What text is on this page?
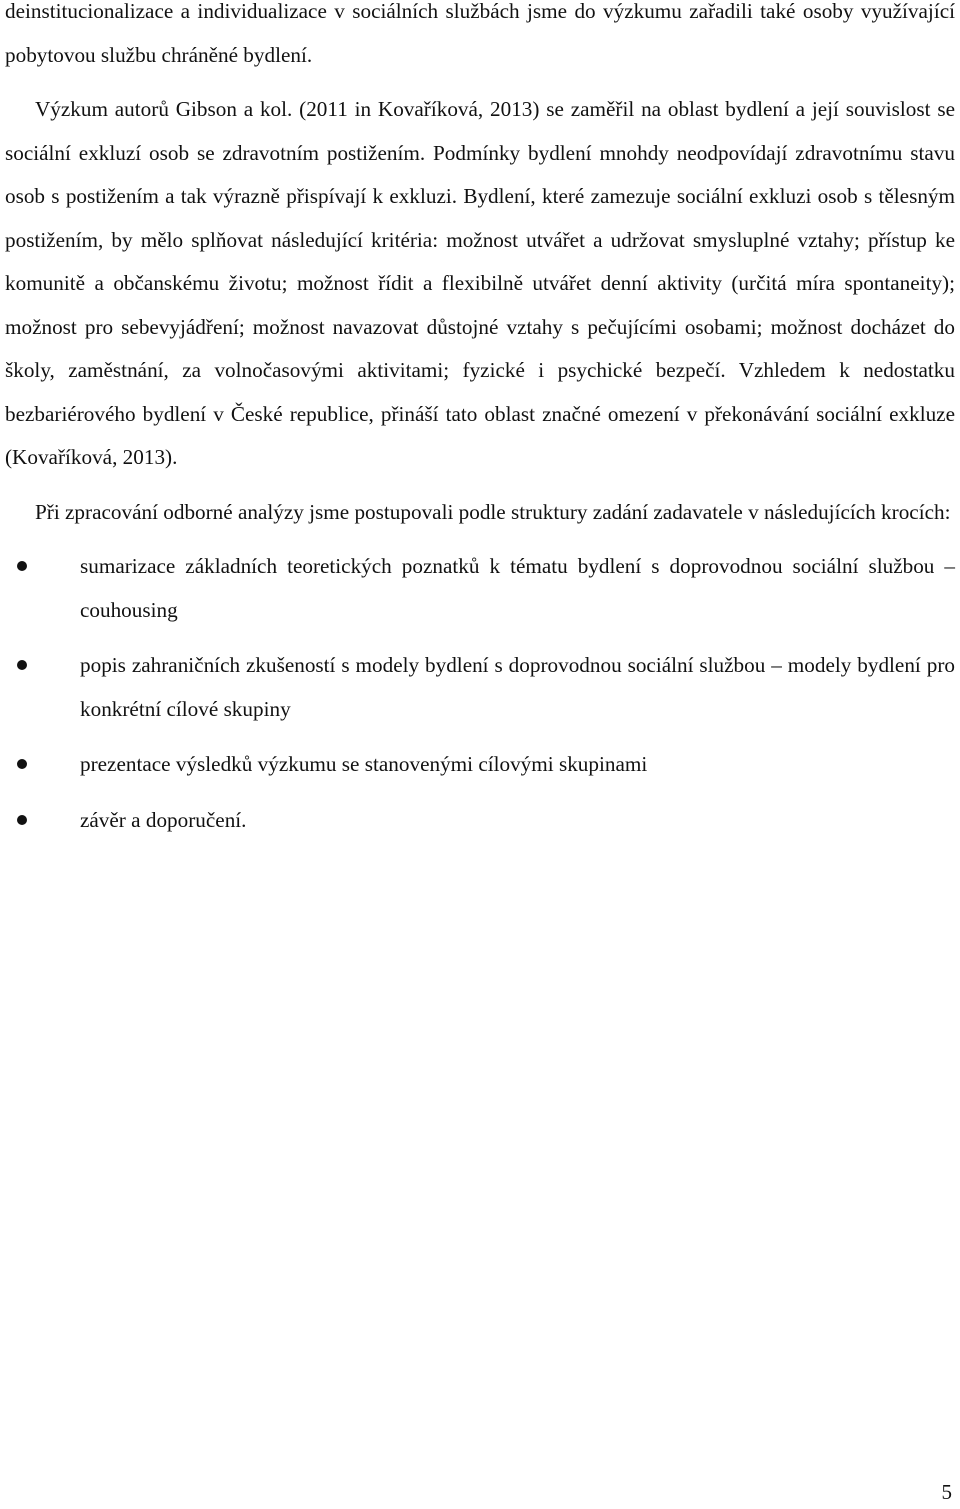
deinstitucionalizace a individualizace v sociálních službách jsme do výzkumu zařadili také osoby využívající pobytovou službu chráněné bydlení.

Výzkum autorů Gibson a kol. (2011 in Kovaříková, 2013) se zaměřil na oblast bydlení a její souvislost se sociální exkluzí osob se zdravotním postižením. Podmínky bydlení mnohdy neodpovídají zdravotnímu stavu osob s postižením a tak výrazně přispívají k exkluzi. Bydlení, které zamezuje sociální exkluzi osob s tělesným postižením, by mělo splňovat následující kritéria: možnost utvářet a udržovat smysluplné vztahy; přístup ke komunitě a občanskému životu; možnost řídit a flexibilně utvářet denní aktivity (určitá míra spontaneity); možnost pro sebevyjádření; možnost navazovat důstojné vztahy s pečujícími osobami; možnost docházet do školy, zaměstnání, za volnočasovými aktivitami; fyzické i psychické bezpečí. Vzhledem k nedostatku bezbariérového bydlení v České republice, přináší tato oblast značné omezení v překonávání sociální exkluze (Kovaříková, 2013).

Při zpracování odborné analýzy jsme postupovali podle struktury zadání zadavatele v následujících krocích:

sumarizace základních teoretických poznatků k tématu bydlení s doprovodnou sociální službou – couhousing
popis zahraničních zkušeností s modely bydlení s doprovodnou sociální službou – modely bydlení pro konkrétní cílové skupiny
prezentace výsledků výzkumu se stanovenými cílovými skupinami
závěr a doporučení.
5
